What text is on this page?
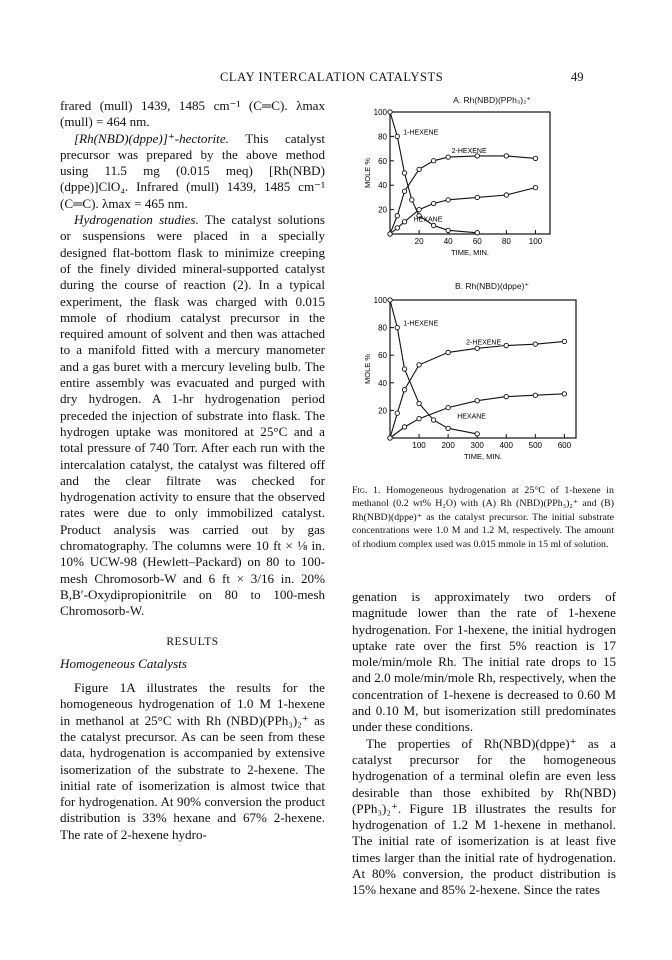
CLAY INTERCALATION CATALYSTS	49

frared (mull) 1439, 1485 cm⁻¹ (C═C). λmax (mull) = 464 nm.

[Rh(NBD)(dppe)]⁺-hectorite. This catalyst precursor was prepared by the above method using 11.5 mg (0.015 meq) [Rh(NBD)(dppe)]ClO₄. Infrared (mull) 1439, 1485 cm⁻¹ (C═C). λmax = 465 nm.

Hydrogenation studies. The catalyst solutions or suspensions were placed in a specially designed flat-bottom flask to minimize creeping of the finely divided mineral-supported catalyst during the course of reaction (2). In a typical experiment, the flask was charged with 0.015 mmole of rhodium catalyst precursor in the required amount of solvent and then was attached to a manifold fitted with a mercury manometer and a gas buret with a mercury leveling bulb. The entire assembly was evacuated and purged with dry hydrogen. A 1-hr hydrogenation period preceded the injection of substrate into flask. The hydrogen uptake was monitored at 25°C and a total pressure of 740 Torr. After each run with the intercalation catalyst, the catalyst was filtered off and the clear filtrate was checked for hydrogenation activity to ensure that the observed rates were due to only immobilized catalyst. Product analysis was carried out by gas chromatography. The columns were 10 ft × ⅛ in. 10% UCW-98 (Hewlett–Packard) on 80 to 100-mesh Chromosorb-W and 6 ft × 3/16 in. 20% B,B′-Oxydipropionitrile on 80 to 100-mesh Chromosorb-W.

RESULTS

Homogeneous Catalysts

Figure 1A illustrates the results for the homogeneous hydrogenation of 1.0 M 1-hexene in methanol at 25°C with Rh (NBD)(PPh₃)₂⁺ as the catalyst precursor. As can be seen from these data, hydrogenation is accompanied by extensive isomerization of the substrate to 2-hexene. The initial rate of isomerization is almost twice that for hydrogenation. At 90% conversion the product distribution is 33% hexane and 67% 2-hexene. The rate of 2-hexene hydro-

A. Rh(NBD)(PPh₃)₂⁺
20	40	60	80 100
20
40
60
80
100
TIME, MIN.
MOLE %
1-HEXENE
2-HEXENE
HEXANE
B. Rh(NBD)(dppe)⁺
100 200 300 400 500 600
20
40
60
80
100
TIME, MIN.
MOLE %
1-HEXENE
2-HEXENE
HEXANE

Fig. 1. Homogeneous hydrogenation at 25°C of 1-hexene in methanol (0.2 wt% H₂O) with (A) Rh (NBD)(PPh₃)₂⁺ and (B) Rh(NBD)(dppe)⁺ as the catalyst precursor. The initial substrate concentrations were 1.0 M and 1.2 M, respectively. The amount of rhodium complex used was 0.015 mmole in 15 ml of solution.

genation is approximately two orders of magnitude lower than the rate of 1-hexene hydrogenation. For 1-hexene, the initial hydrogen uptake rate over the first 5% reaction is 17 mole/min/mole Rh. The initial rate drops to 15 and 2.0 mole/min/mole Rh, respectively, when the concentration of 1-hexene is decreased to 0.60 M and 0.10 M, but isomerization still predominates under these conditions.

The properties of Rh(NBD)(dppe)⁺ as a catalyst precursor for the homogeneous hydrogenation of a terminal olefin are even less desirable than those exhibited by Rh(NBD)(PPh₃)₂⁺. Figure 1B illustrates the results for hydrogenation of 1.2 M 1-hexene in methanol. The initial rate of isomerization is at least five times larger than the initial rate of hydrogenation. At 80% conversion, the product distribution is 15% hexane and 85% 2-hexene. Since the rates
